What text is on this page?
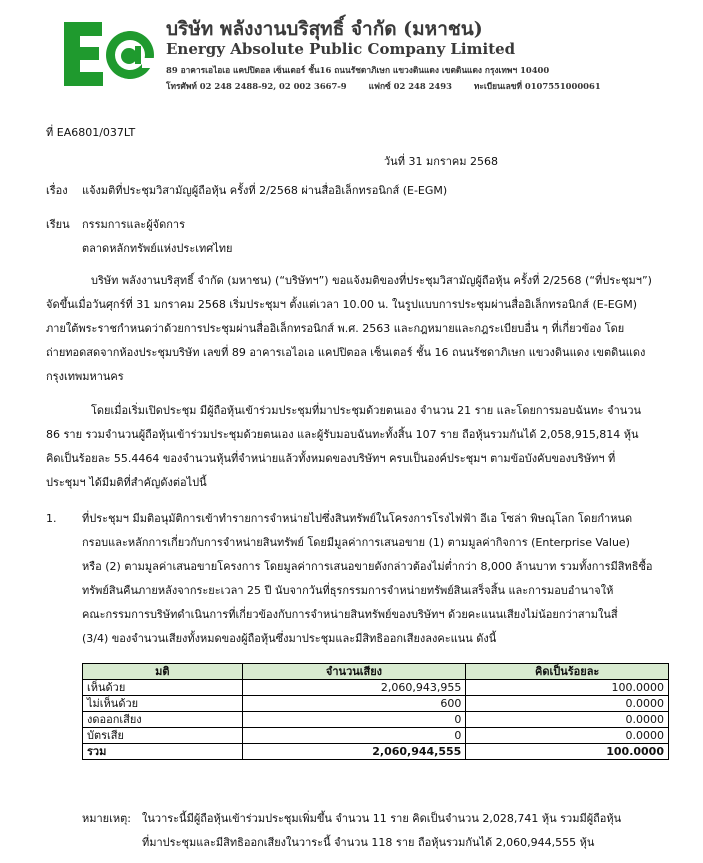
บริษัท พลังงานบริสุทธิ์ จำกัด (มหาชน)
Energy Absolute Public Company Limited
89 อาคารเอไอเอ แคปปิตอล เซ็นเตอร์ ชั้น16 ถนนรัชดาภิเษก แขวงดินแดง เขตดินแดง กรุงเทพฯ 10400
โทรศัพท์ 02 248 2488-92, 02 002 3667-9	แฟกซ์ 02 248 2493	ทะเบียนเลขที่ 0107551000061
ที่ EA6801/037LT
วันที่ 31 มกราคม 2568
เรื่อง แจ้งมติที่ประชุมวิสามัญผู้ถือหุ้น ครั้งที่ 2/2568 ผ่านสื่ออิเล็กทรอนิกส์ (E-EGM)
เรียน กรรมการและผู้จัดการ
ตลาดหลักทรัพย์แห่งประเทศไทย
บริษัท พลังงานบริสุทธิ์ จำกัด (มหาชน) (“บริษัทฯ”) ขอแจ้งมติของที่ประชุมวิสามัญผู้ถือหุ้น ครั้งที่ 2/2568 (“ที่ประชุมฯ”)
จัดขึ้นเมื่อวันศุกร์ที่ 31 มกราคม 2568 เริ่มประชุมฯ ตั้งแต่เวลา 10.00 น. ในรูปแบบการประชุมผ่านสื่ออิเล็กทรอนิกส์ (E-EGM)
ภายใต้พระราชกำหนดว่าด้วยการประชุมผ่านสื่ออิเล็กทรอนิกส์ พ.ศ. 2563 และกฎหมายและกฎระเบียบอื่น ๆ ที่เกี่ยวข้อง โดย
ถ่ายทอดสดจากห้องประชุมบริษัท เลขที่ 89 อาคารเอไอเอ แคปปิตอล เซ็นเตอร์ ชั้น 16 ถนนรัชดาภิเษก แขวงดินแดง เขตดินแดง
กรุงเทพมหานคร
โดยเมื่อเริ่มเปิดประชุม มีผู้ถือหุ้นเข้าร่วมประชุมที่มาประชุมด้วยตนเอง จำนวน 21 ราย และโดยการมอบฉันทะ จำนวน
86 ราย รวมจำนวนผู้ถือหุ้นเข้าร่วมประชุมด้วยตนเอง และผู้รับมอบฉันทะทั้งสิ้น 107 ราย ถือหุ้นรวมกันได้ 2,058,915,814 หุ้น
คิดเป็นร้อยละ 55.4464 ของจำนวนหุ้นที่จำหน่ายแล้วทั้งหมดของบริษัทฯ ครบเป็นองค์ประชุมฯ ตามข้อบังคับของบริษัทฯ ที่
ประชุมฯ ได้มีมติที่สำคัญดังต่อไปนี้
1. ที่ประชุมฯ มีมติอนุมัติการเข้าทำรายการจำหน่ายไปซึ่งสินทรัพย์ในโครงการโรงไฟฟ้า อีเอ โซล่า พิษณุโลก โดยกำหนด
กรอบและหลักการเกี่ยวกับการจำหน่ายสินทรัพย์ โดยมีมูลค่าการเสนอขาย (1) ตามมูลค่ากิจการ (Enterprise Value)
หรือ (2) ตามมูลค่าเสนอขายโครงการ โดยมูลค่าการเสนอขายดังกล่าวต้องไม่ต่ำกว่า 8,000 ล้านบาท รวมทั้งการมีสิทธิซื้อ
ทรัพย์สินคืนภายหลังจากระยะเวลา 25 ปี นับจากวันที่ธุรกรรมการจำหน่ายทรัพย์สินเสร็จสิ้น และการมอบอำนาจให้
คณะกรรมการบริษัทดำเนินการที่เกี่ยวข้องกับการจำหน่ายสินทรัพย์ของบริษัทฯ ด้วยคะแนนเสียงไม่น้อยกว่าสามในสี่
(3/4) ของจำนวนเสียงทั้งหมดของผู้ถือหุ้นซึ่งมาประชุมและมีสิทธิออกเสียงลงคะแนน ดังนี้
มติ	จำนวนเสียง	คิดเป็นร้อยละ
เห็นด้วย	2,060,943,955	100.0000
ไม่เห็นด้วย	600	0.0000
งดออกเสียง	0	0.0000
บัตรเสีย	0	0.0000
รวม	2,060,944,555	100.0000
หมายเหตุ: ในวาระนี้มีผู้ถือหุ้นเข้าร่วมประชุมเพิ่มขึ้น จำนวน 11 ราย คิดเป็นจำนวน 2,028,741 หุ้น รวมมีผู้ถือหุ้น
ที่มาประชุมและมีสิทธิออกเสียงในวาระนี้ จำนวน 118 ราย ถือหุ้นรวมกันได้ 2,060,944,555 หุ้น
